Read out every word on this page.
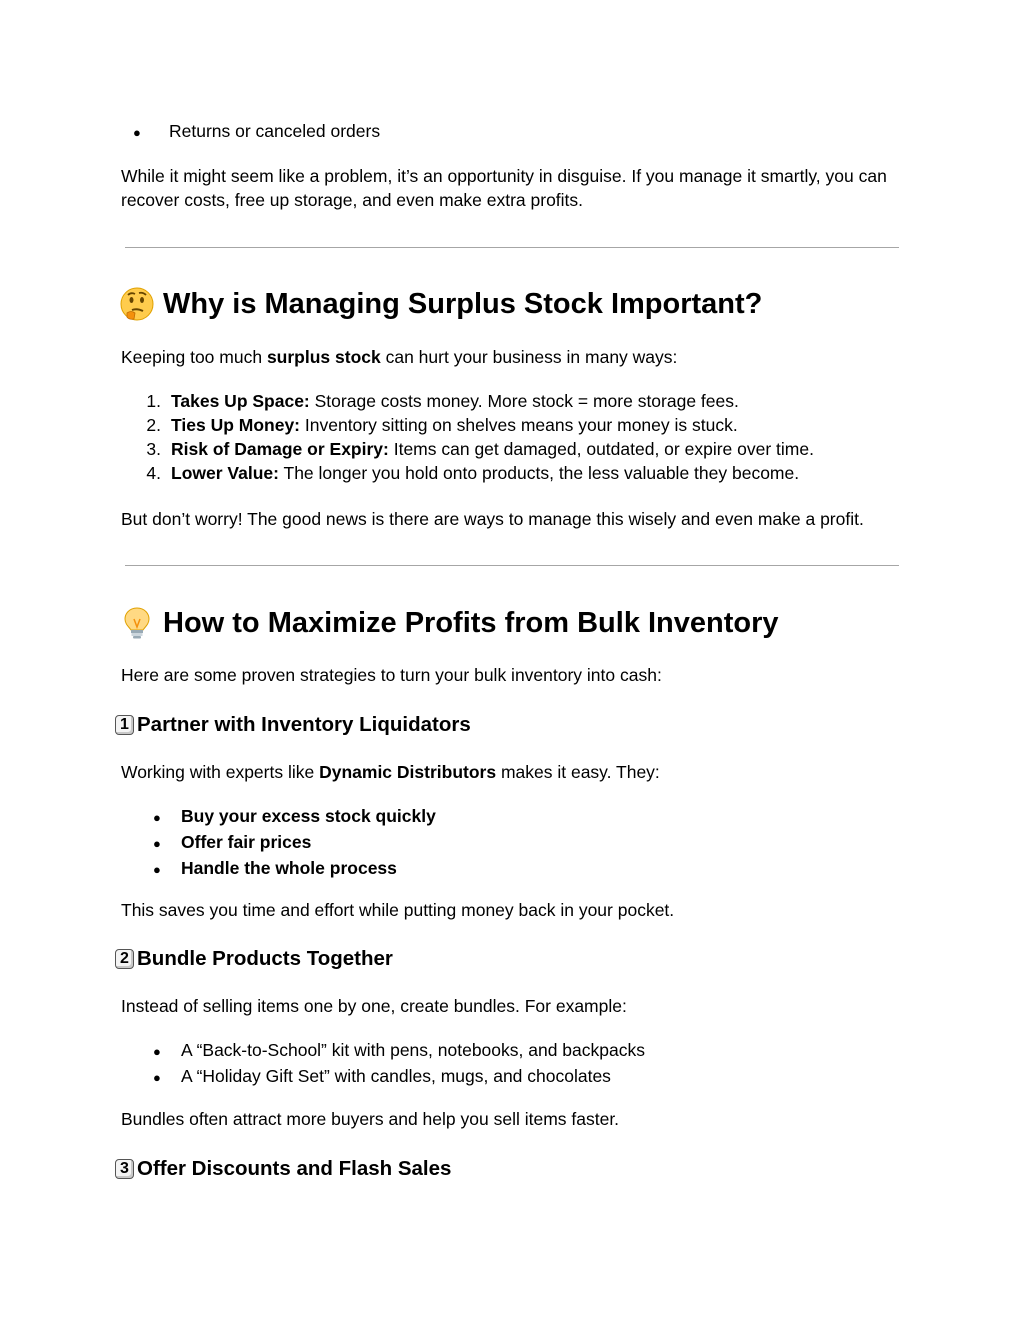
●	Returns or canceled orders
While it might seem like a problem, it’s an opportunity in disguise. If you manage it smartly, you can recover costs, free up storage, and even make extra profits.
Why is Managing Surplus Stock Important?
Keeping too much surplus stock can hurt your business in many ways:
1. Takes Up Space: Storage costs money. More stock = more storage fees.
2. Ties Up Money: Inventory sitting on shelves means your money is stuck.
3. Risk of Damage or Expiry: Items can get damaged, outdated, or expire over time.
4. Lower Value: The longer you hold onto products, the less valuable they become.
But don’t worry! The good news is there are ways to manage this wisely and even make a profit.
How to Maximize Profits from Bulk Inventory
Here are some proven strategies to turn your bulk inventory into cash:
1 Partner with Inventory Liquidators
Working with experts like Dynamic Distributors makes it easy. They:
●	Buy your excess stock quickly
●	Offer fair prices
●	Handle the whole process
This saves you time and effort while putting money back in your pocket.
2 Bundle Products Together
Instead of selling items one by one, create bundles. For example:
●	A “Back-to-School” kit with pens, notebooks, and backpacks
●	A “Holiday Gift Set” with candles, mugs, and chocolates
Bundles often attract more buyers and help you sell items faster.
3 Offer Discounts and Flash Sales
